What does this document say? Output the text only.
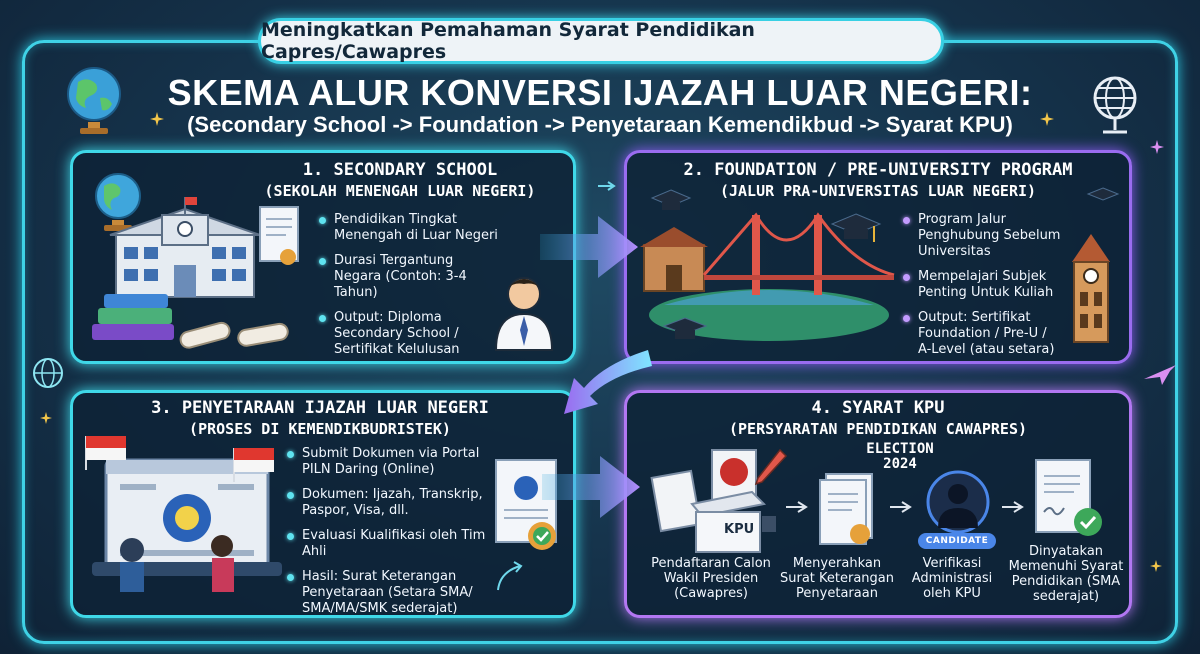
Meningkatkan Pemahaman Syarat Pendidikan Capres/Cawapres
SKEMA ALUR KONVERSI IJAZAH LUAR NEGERI:
(Secondary School -> Foundation -> Penyetaraan Kemendikbud -> Syarat KPU)
1. SECONDARY SCHOOL
(SEKOLAH MENENGAH LUAR NEGERI)
Pendidikan Tingkat Menengah di Luar Negeri
Durasi Tergantung Negara (Contoh: 3-4 Tahun)
Output: Diploma Secondary School / Sertifikat Kelulusan
2. FOUNDATION / PRE-UNIVERSITY PROGRAM
(JALUR PRA-UNIVERSITAS LUAR NEGERI)
Program Jalur Penghubung Sebelum Universitas
Mempelajari Subjek Penting Untuk Kuliah
Output: Sertifikat Foundation / Pre-U / A-Level (atau setara)
3. PENYETARAAN IJAZAH LUAR NEGERI
(PROSES DI KEMENDIKBUDRISTEK)
Submit Dokumen via Portal PILN Daring (Online)
Dokumen: Ijazah, Transkrip, Paspor, Visa, dll.
Evaluasi Kualifikasi oleh Tim Ahli
Hasil: Surat Keterangan Penyetaraan (Setara SMA/ SMA/MA/SMK sederajat)
4. SYARAT KPU
(PERSYARATAN PENDIDIKAN CAWAPRES)
ELECTION 2024
KPU
CANDIDATE
Pendaftaran Calon Wakil Presiden (Cawapres)
Menyerahkan Surat Keterangan Penyetaraan
Verifikasi Administrasi oleh KPU
Dinyatakan Memenuhi Syarat Pendidikan (SMA sederajat)
